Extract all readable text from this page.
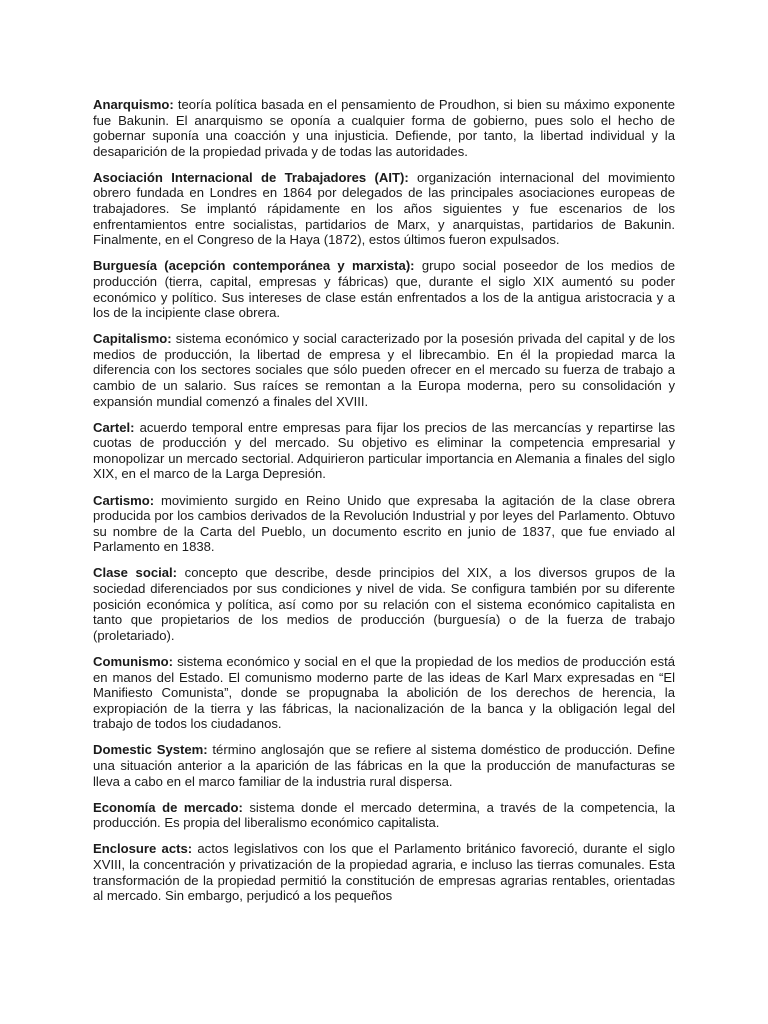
Anarquismo: teoría política basada en el pensamiento de Proudhon, si bien su máximo exponente fue Bakunin. El anarquismo se oponía a cualquier forma de gobierno, pues solo el hecho de gobernar suponía una coacción y una injusticia. Defiende, por tanto, la libertad individual y la desaparición de la propiedad privada y de todas las autoridades.

Asociación Internacional de Trabajadores (AIT): organización internacional del movimiento obrero fundada en Londres en 1864 por delegados de las principales asociaciones europeas de trabajadores. Se implantó rápidamente en los años siguientes y fue escenarios de los enfrentamientos entre socialistas, partidarios de Marx, y anarquistas, partidarios de Bakunin. Finalmente, en el Congreso de la Haya (1872), estos últimos fueron expulsados.

Burguesía (acepción contemporánea y marxista): grupo social poseedor de los medios de producción (tierra, capital, empresas y fábricas) que, durante el siglo XIX aumentó su poder económico y político. Sus intereses de clase están enfrentados a los de la antigua aristocracia y a los de la incipiente clase obrera.

Capitalismo: sistema económico y social caracterizado por la posesión privada del capital y de los medios de producción, la libertad de empresa y el librecambio. En él la propiedad marca la diferencia con los sectores sociales que sólo pueden ofrecer en el mercado su fuerza de trabajo a cambio de un salario. Sus raíces se remontan a la Europa moderna, pero su consolidación y expansión mundial comenzó a finales del XVIII.

Cartel: acuerdo temporal entre empresas para fijar los precios de las mercancías y repartirse las cuotas de producción y del mercado. Su objetivo es eliminar la competencia empresarial y monopolizar un mercado sectorial. Adquirieron particular importancia en Alemania a finales del siglo XIX, en el marco de la Larga Depresión.

Cartismo: movimiento surgido en Reino Unido que expresaba la agitación de la clase obrera producida por los cambios derivados de la Revolución Industrial y por leyes del Parlamento. Obtuvo su nombre de la Carta del Pueblo, un documento escrito en junio de 1837, que fue enviado al Parlamento en 1838.

Clase social: concepto que describe, desde principios del XIX, a los diversos grupos de la sociedad diferenciados por sus condiciones y nivel de vida. Se configura también por su diferente posición económica y política, así como por su relación con el sistema económico capitalista en tanto que propietarios de los medios de producción (burguesía) o de la fuerza de trabajo (proletariado).

Comunismo: sistema económico y social en el que la propiedad de los medios de producción está en manos del Estado. El comunismo moderno parte de las ideas de Karl Marx expresadas en “El Manifiesto Comunista”, donde se propugnaba la abolición de los derechos de herencia, la expropiación de la tierra y las fábricas, la nacionalización de la banca y la obligación legal del trabajo de todos los ciudadanos.

Domestic System: término anglosajón que se refiere al sistema doméstico de producción. Define una situación anterior a la aparición de las fábricas en la que la producción de manufacturas se lleva a cabo en el marco familiar de la industria rural dispersa.

Economía de mercado: sistema donde el mercado determina, a través de la competencia, la producción. Es propia del liberalismo económico capitalista.

Enclosure acts: actos legislativos con los que el Parlamento británico favoreció, durante el siglo XVIII, la concentración y privatización de la propiedad agraria, e incluso las tierras comunales. Esta transformación de la propiedad permitió la constitución de empresas agrarias rentables, orientadas al mercado. Sin embargo, perjudicó a los pequeños
